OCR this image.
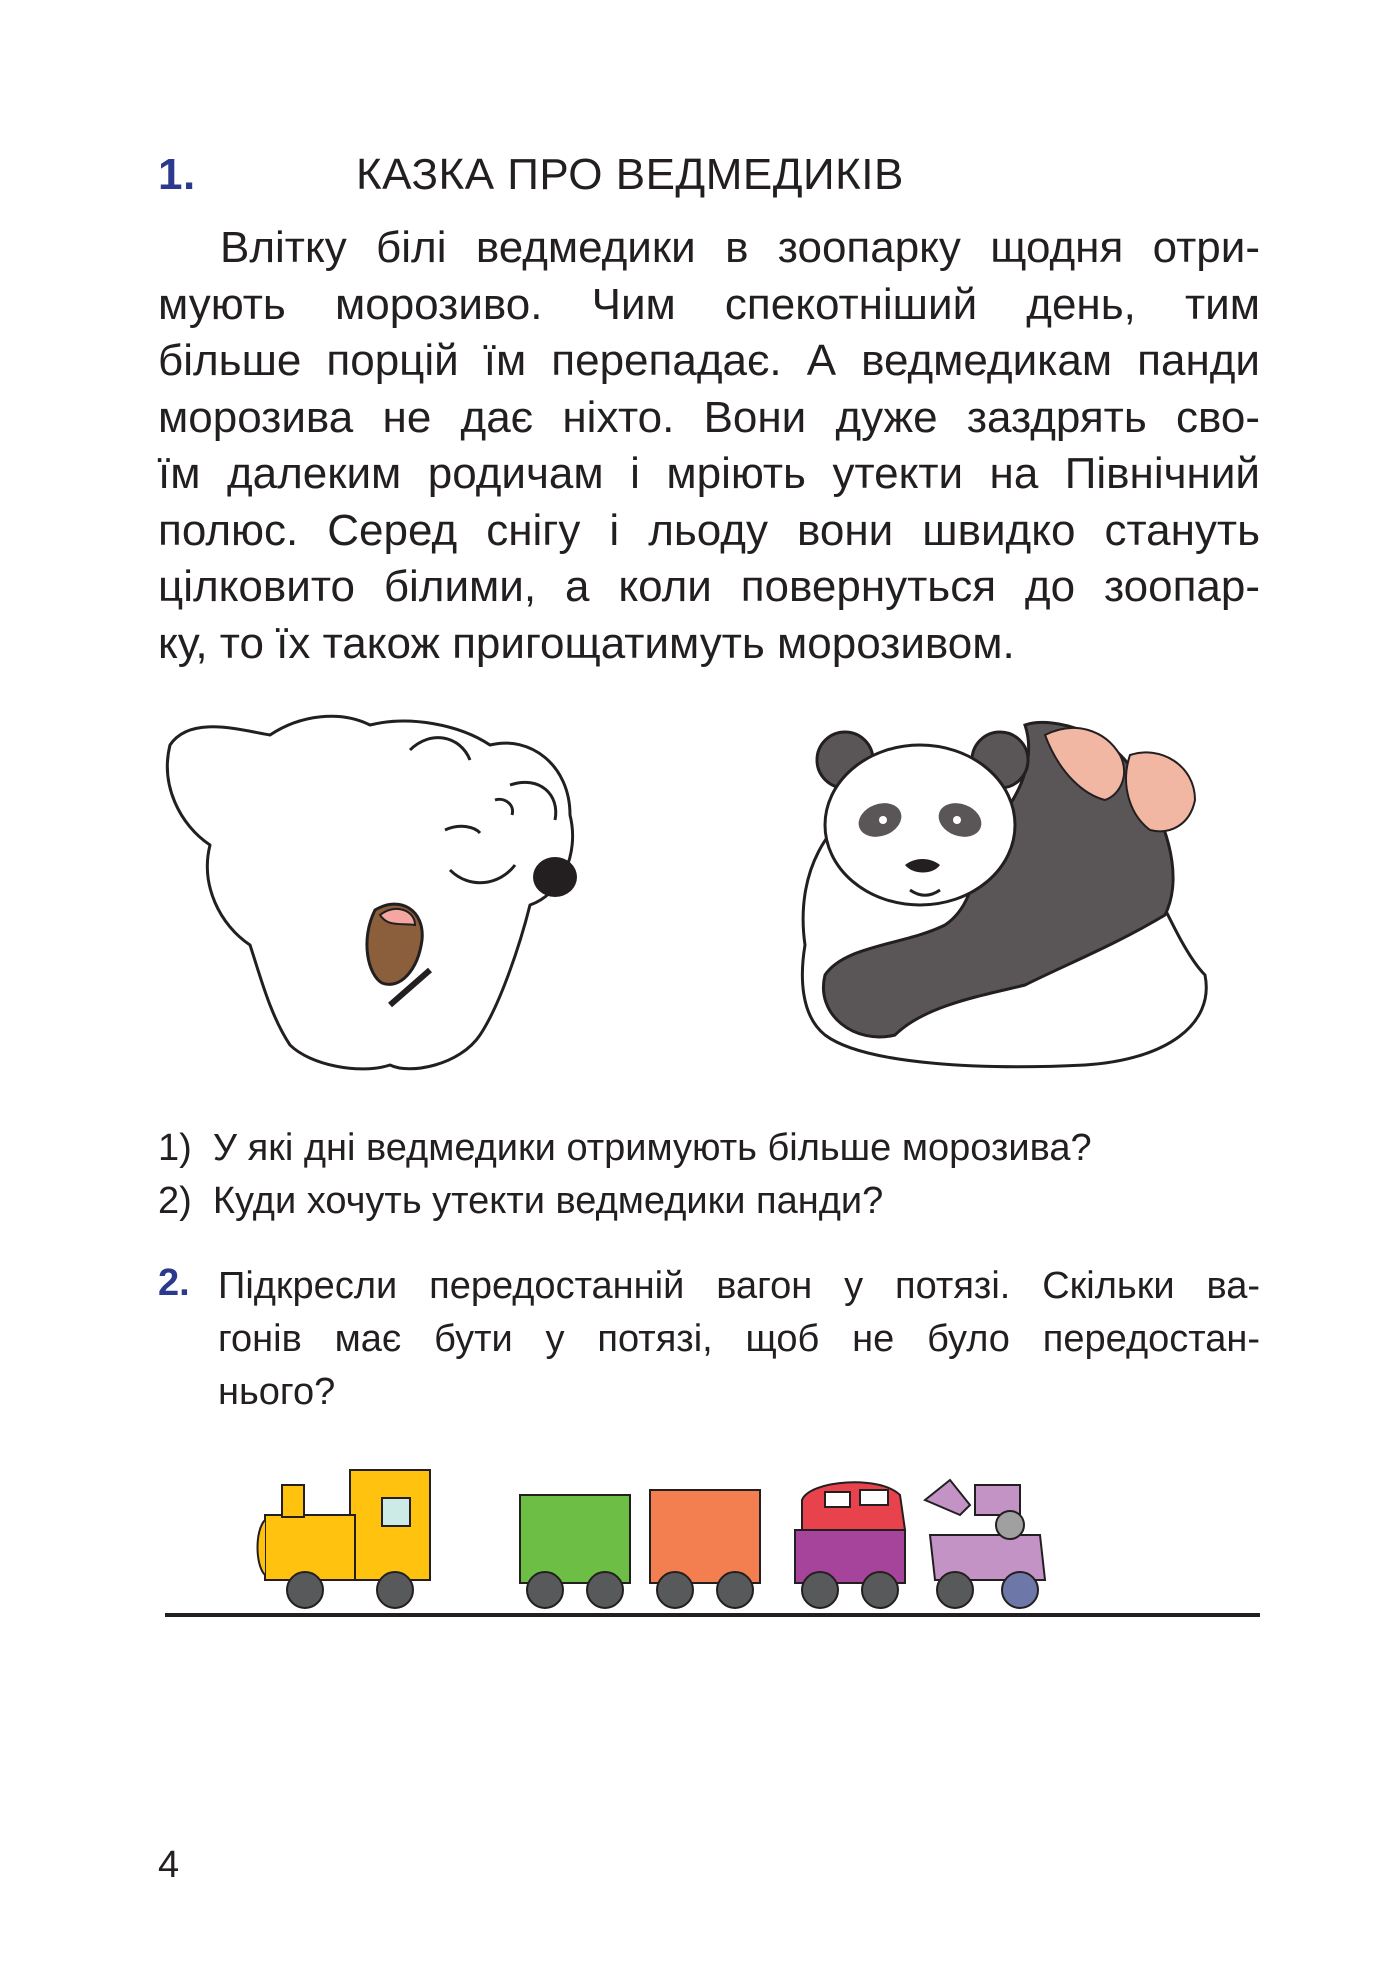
1.	КАЗКА ПРО ВЕДМЕДИКІВ
Влітку білі ведмедики в зоопарку щодня отри-
мують морозиво. Чим спекотніший день, тим
більше порцій їм перепадає. А ведмедикам панди
морозива не дає ніхто. Вони дуже заздрять сво-
їм далеким родичам і мріють утекти на Північний
полюс. Серед снігу і льоду вони швидко стануть
цілковито білими, а коли повернуться до зоопар-
ку, то їх також пригощатимуть морозивом.
1) У які дні ведмедики отримують більше морозива?
2) Куди хочуть утекти ведмедики панди?
2. Підкресли передостанній вагон у потязі. Скільки ва-
гонів має бути у потязі, щоб не було передостан-
нього?
4
